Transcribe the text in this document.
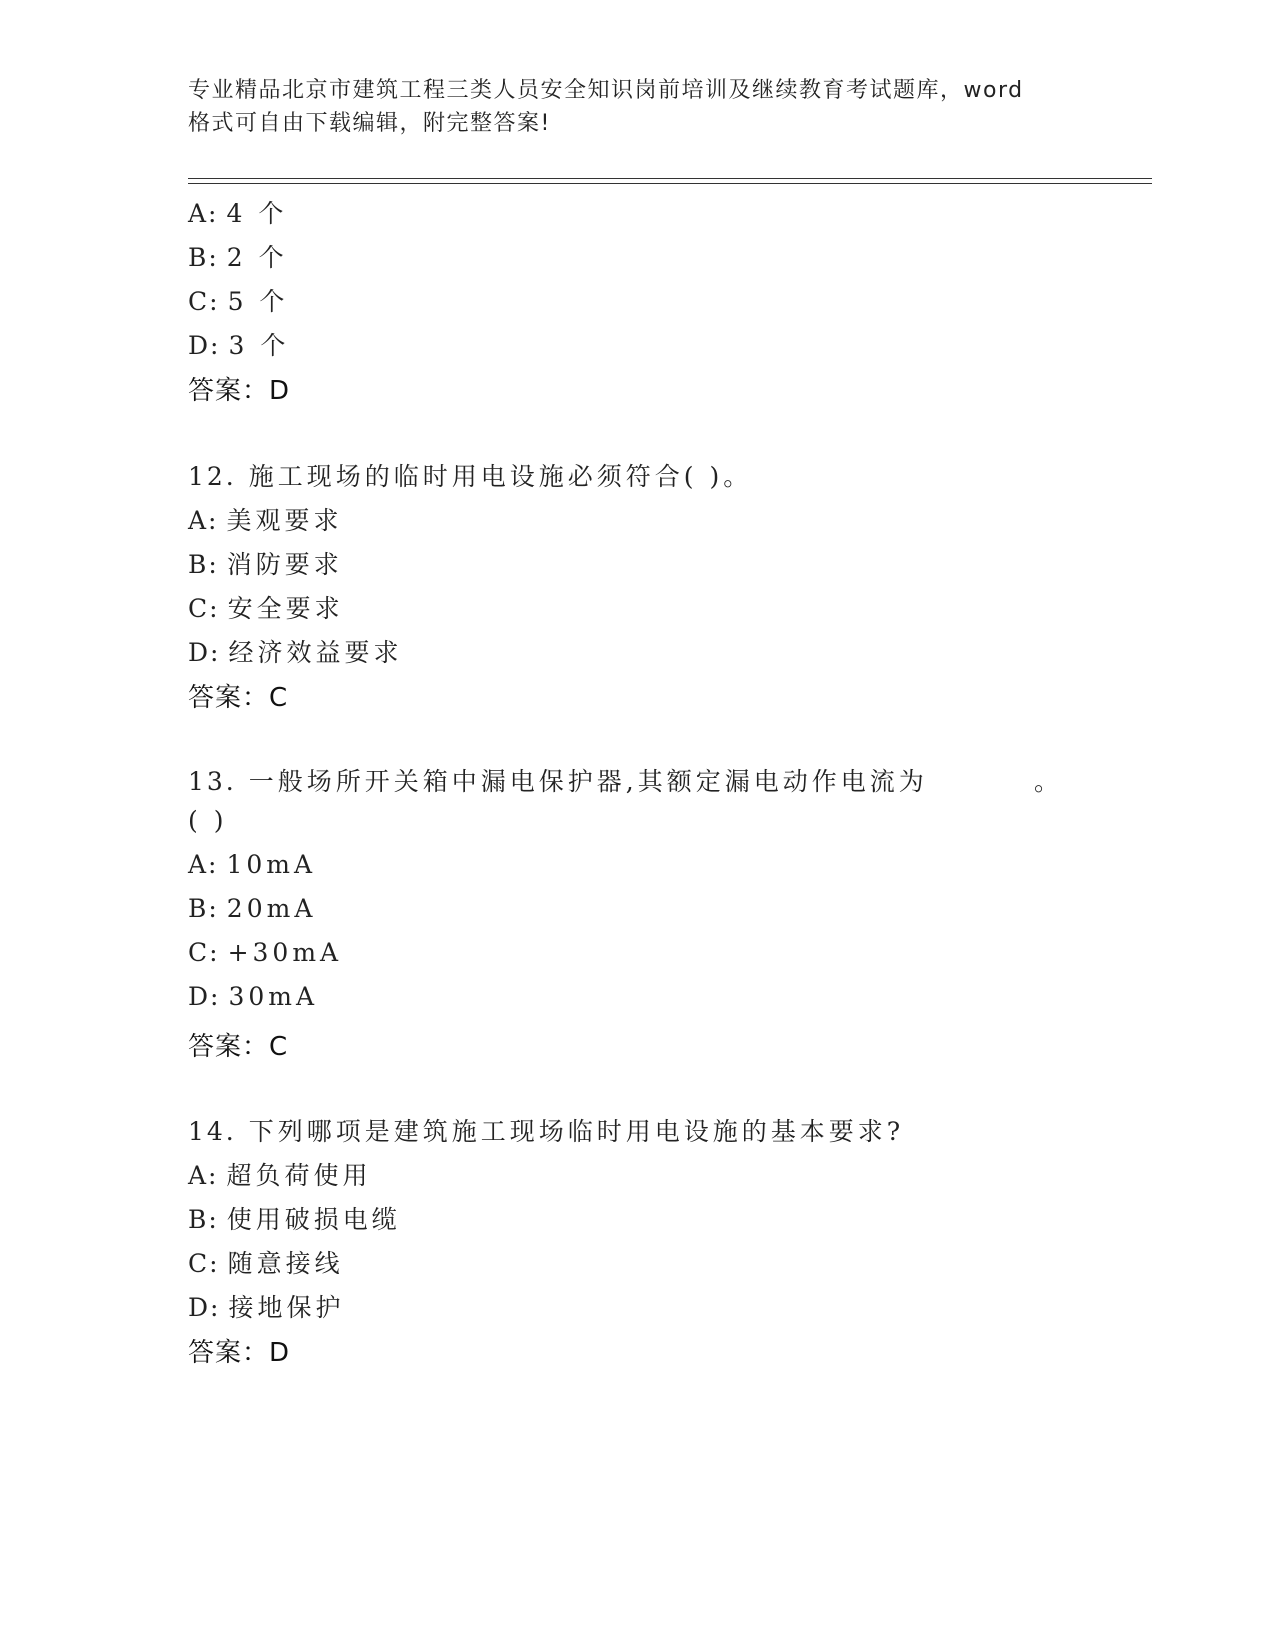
专业精品北京市建筑工程三类人员安全知识岗前培训及继续教育考试题库，word
格式可自由下载编辑，附完整答案!
A: 4 个
B: 2 个
C: 5 个
D: 3 个
答案：D
12. 施工现场的临时用电设施必须符合( )。
A: 美观要求
B: 消防要求
C: 安全要求
D: 经济效益要求
答案：C
13. 一般场所开关箱中漏电保护器,其额定漏电动作电流为	。
( )
A: 10mA
B: 20mA
C: +30mA
D: 30mA
答案：C
14. 下列哪项是建筑施工现场临时用电设施的基本要求?
A: 超负荷使用
B: 使用破损电缆
C: 随意接线
D: 接地保护
答案：D
